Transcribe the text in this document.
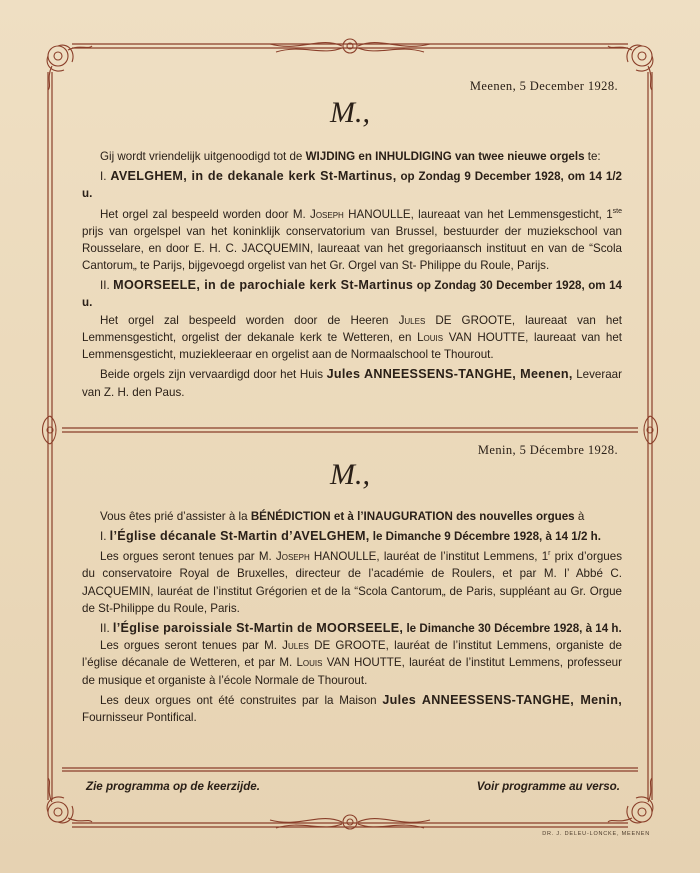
Meenen, 5 December 1928.
M.,

Gij wordt vriendelijk uitgenoodigd tot de WIJDING en INHULDIGING van twee nieuwe orgels te:

I. AVELGHEM, in de dekanale kerk St-Martinus, op Zondag 9 December 1928, om 14 1/2 u.

Het orgel zal bespeeld worden door M. Joseph HANOULLE, laureaat van het Lemmensgesticht, 1ste prijs van orgelspel van het koninklijk conservatorium van Brussel, bestuurder der muziekschool van Rousselare, en door E. H. C. JACQUEMIN, laureaat van het gregoriaansch instituut en van de “Scola Cantorum„ te Parijs, bijgevoegd orgelist van het Gr. Orgel van St- Philippe du Roule, Parijs.

II. MOORSEELE, in de parochiale kerk St-Martinus op Zondag 30 December 1928, om 14 u.

Het orgel zal bespeeld worden door de Heeren Jules DE GROOTE, laureaat van het Lemmensgesticht, orgelist der dekanale kerk te Wetteren, en Louis VAN HOUTTE, laureaat van het Lemmensgesticht, muziekleeraar en orgelist aan de Normaalschool te Thourout.

Beide orgels zijn vervaardigd door het Huis Jules ANNEESSENS-TANGHE, Meenen, Leveraar van Z. H. den Paus.

Menin, 5 Décembre 1928.
M.,

Vous êtes prié d’assister à la BÉNÉDICTION et à l’INAUGURATION des nouvelles orgues à

I. l’Église décanale St-Martin d’AVELGHEM, le Dimanche 9 Décembre 1928, à 14 1/2 h.

Les orgues seront tenues par M. Joseph HANOULLE, lauréat de l’institut Lemmens, 1$^r$ prix d’orgues du conservatoire Royal de Bruxelles, directeur de l’académie de Roulers, et par M. l’ Abbé C. JACQUEMIN, lauréat de l’institut Grégorien et de la “Scola Cantorum„ de Paris, suppléant au Gr. Orgue de St-Philippe du Roule, Paris.

II. l’Église paroissiale St-Martin de MOORSEELE, le Dimanche 30 Décembre 1928, à 14 h.

Les orgues seront tenues par M. Jules DE GROOTE, lauréat de l’institut Lemmens, organiste de l’église décanale de Wetteren, et par M. Louis VAN HOUTTE, lauréat de l’institut Lemmens, professeur de musique et organiste à l’école Normale de Thourout.

Les deux orgues ont été construites par la Maison Jules ANNEESSENS-TANGHE, Menin, Fournisseur Pontifical.

Zie programma op de keerzijde.	Voir programme au verso.
DR. J. DELEU-LONCKE, MEENEN
